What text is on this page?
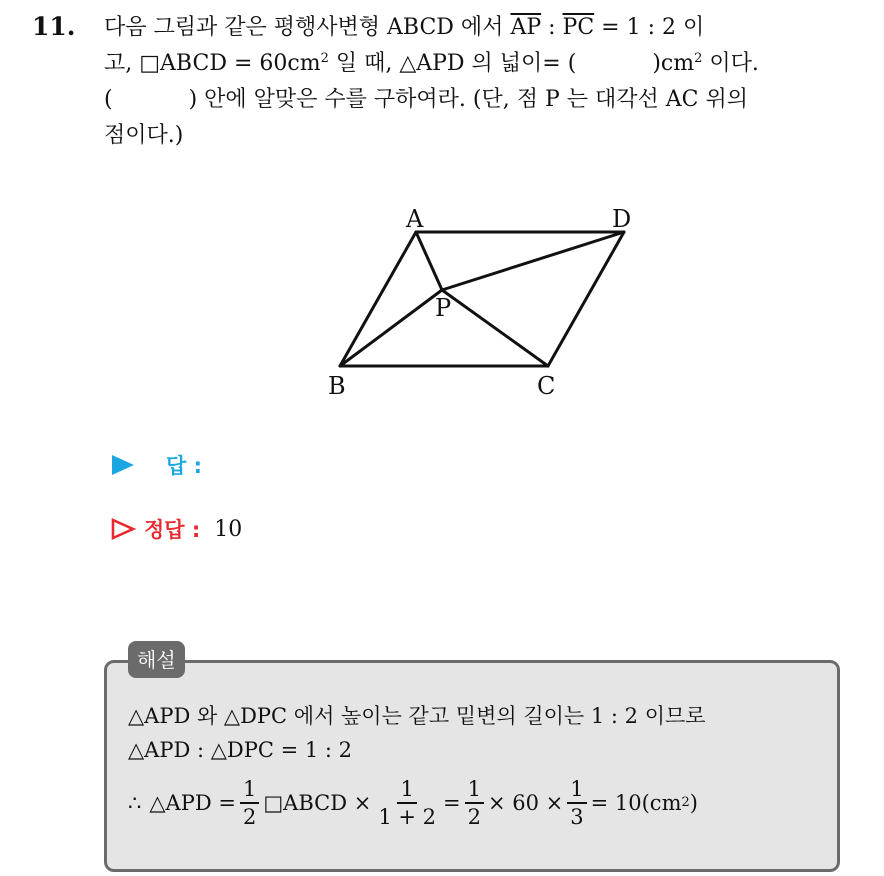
11. 다음 그림과 같은 평행사변형 ABCD 에서 $\overline{AP}$ : $\overline{PC} = 1$ : 2 이
고, □ABCD = $60cm^2$ 일 때, △APD 의 넓이= (	)$cm^2$ 이다.
(	) 안에 알맞은 수를 구하여라. (단, 점 P 는 대각선 AC 위의
점이다.)
A	D
P
B	C
답 :
정답 : 10
해설
△APD 와 △DPC 에서 높이는 같고 밑변의 길이는 1 : 2 이므로
△APD : △DPC = 1 : 2
∴ △APD = $\frac{1}{2}$ □ABCD × $\frac{1}{1 + 2} = \frac{1}{2} \times 60 \times \frac{1}{3} = 10(cm$ 2 )
